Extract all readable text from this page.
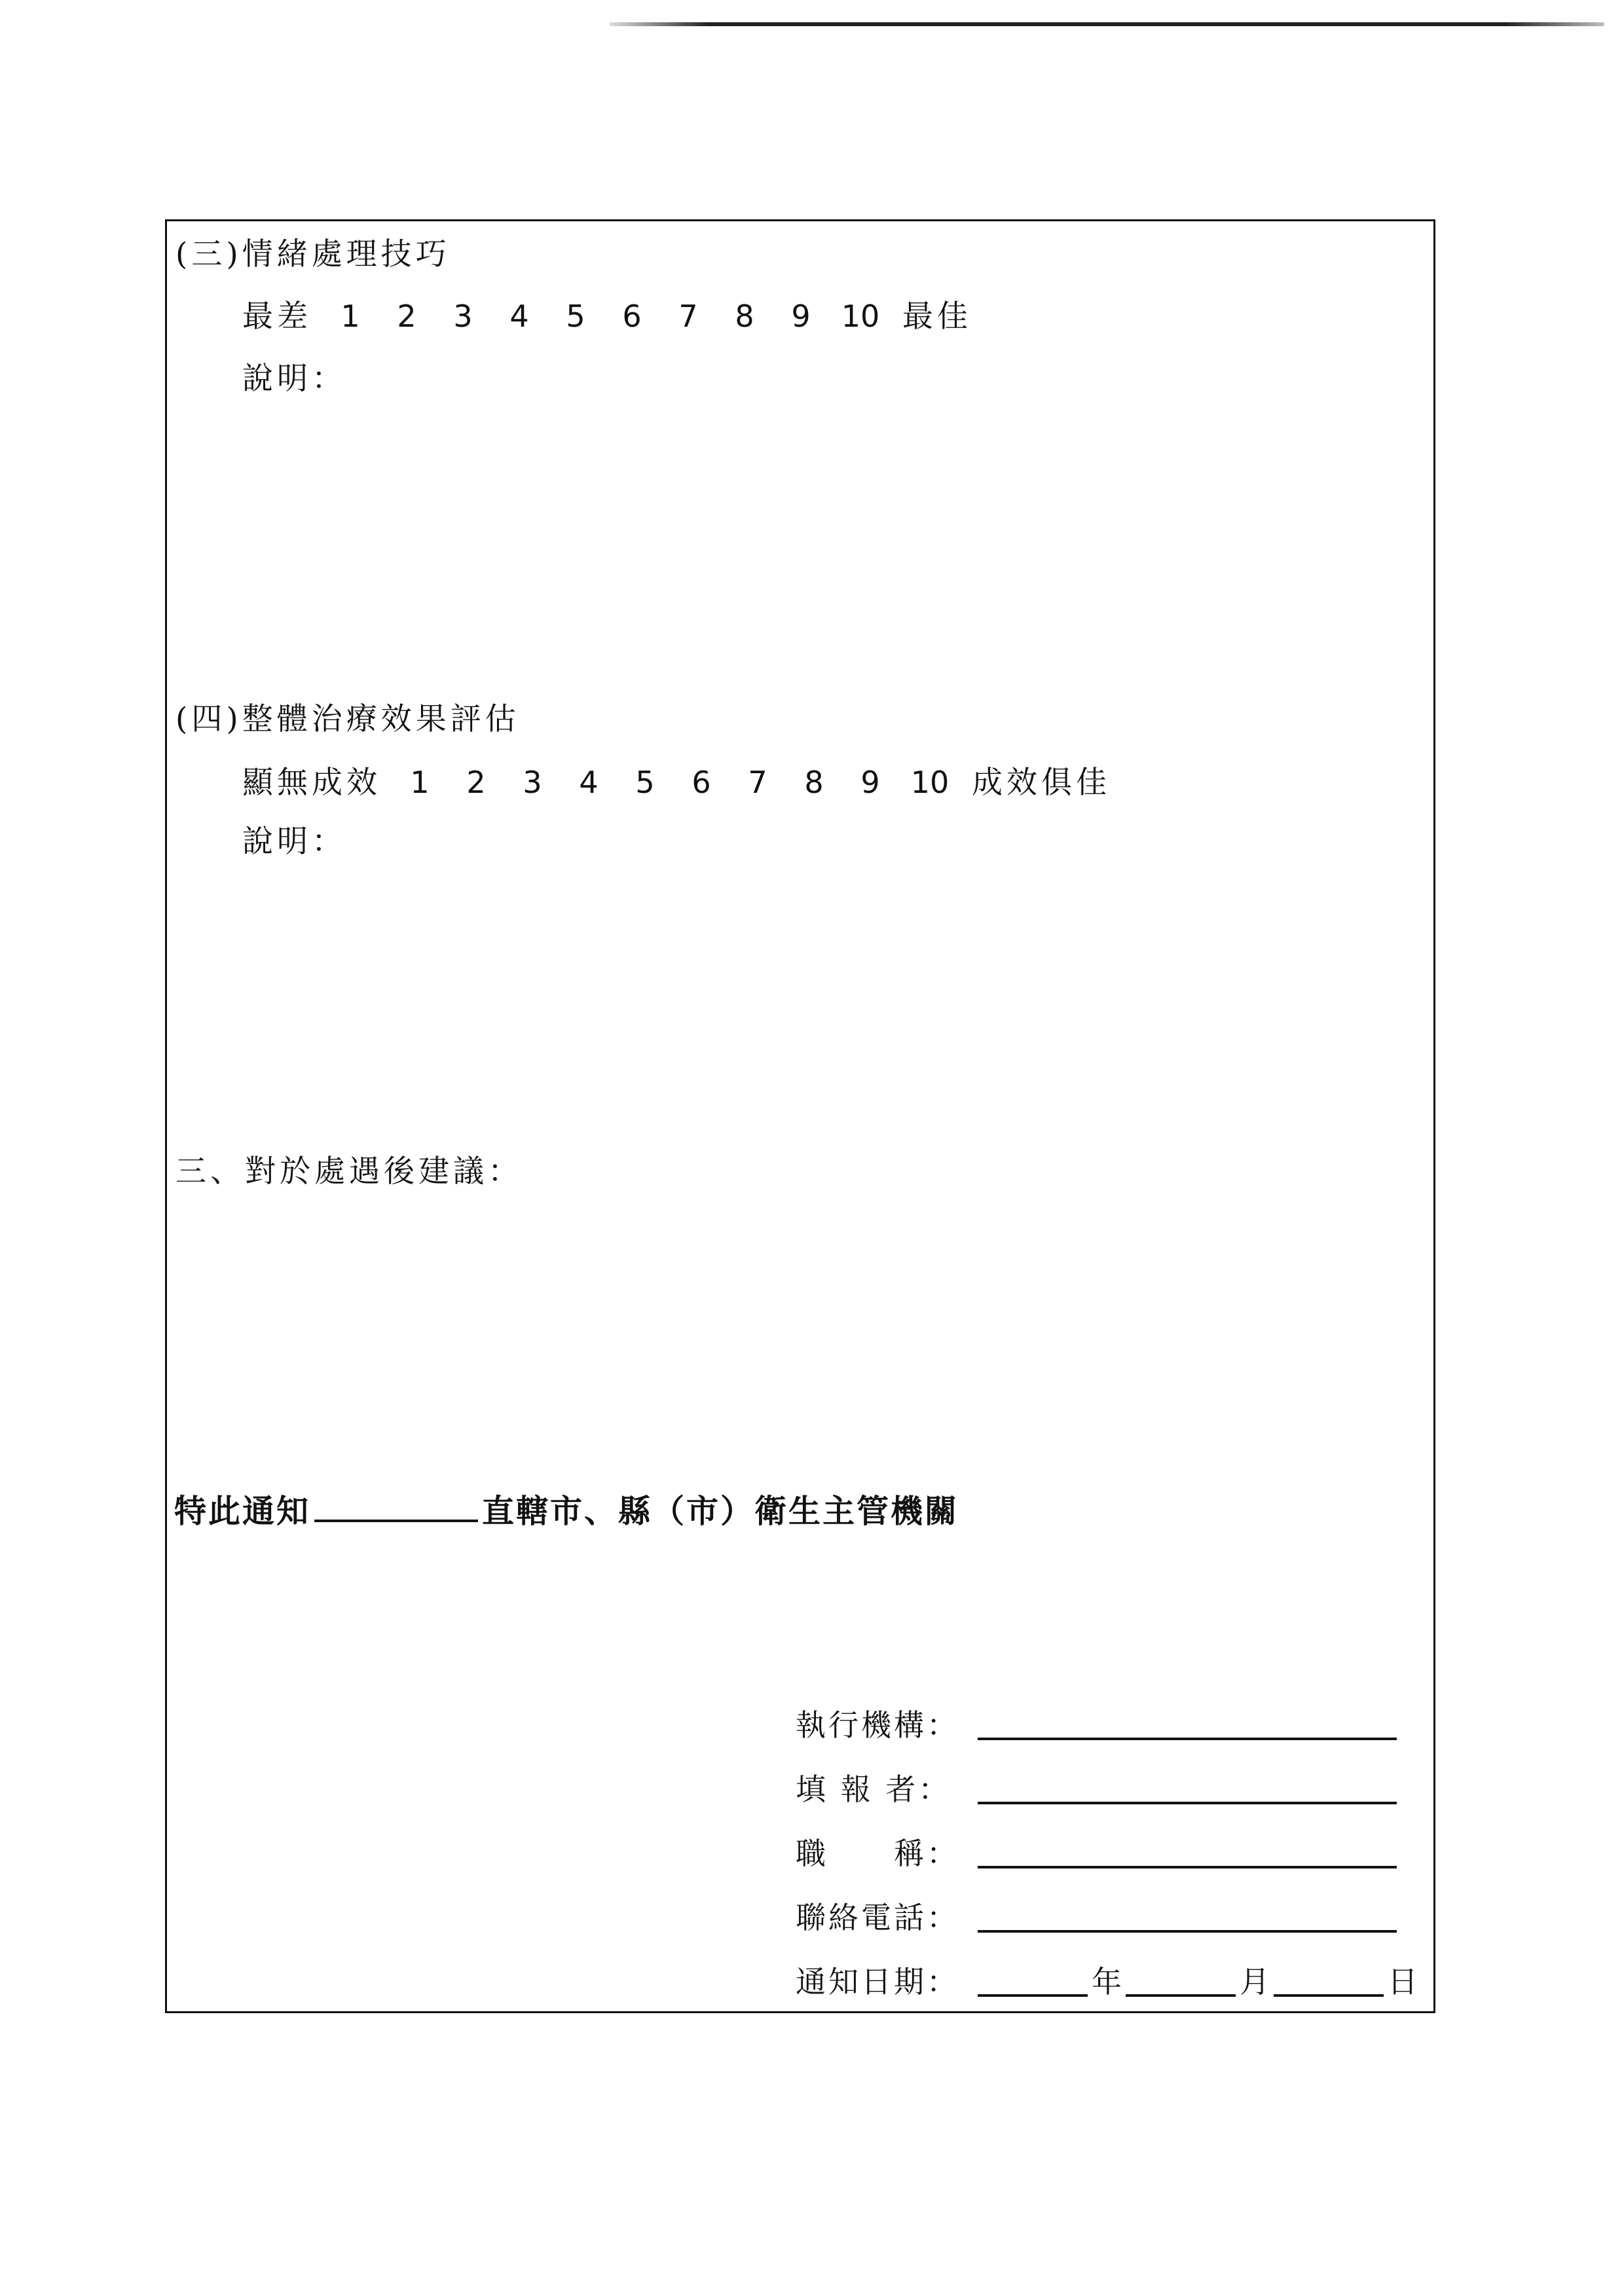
(三)情緒處理技巧
最差 1	2	3	4	5	6	7	8	9	10 最佳
說明：
(四)整體治療效果評估
顯無成效 1	2	3	4	5	6	7	8	9	10 成效俱佳
說明：
三、對於處遇後建議：
特此通知	直轄市、縣（市）衛生主管機關
執行機構：
填 報 者：
職　　稱：
聯絡電話：
通知日期：	年	月	日
